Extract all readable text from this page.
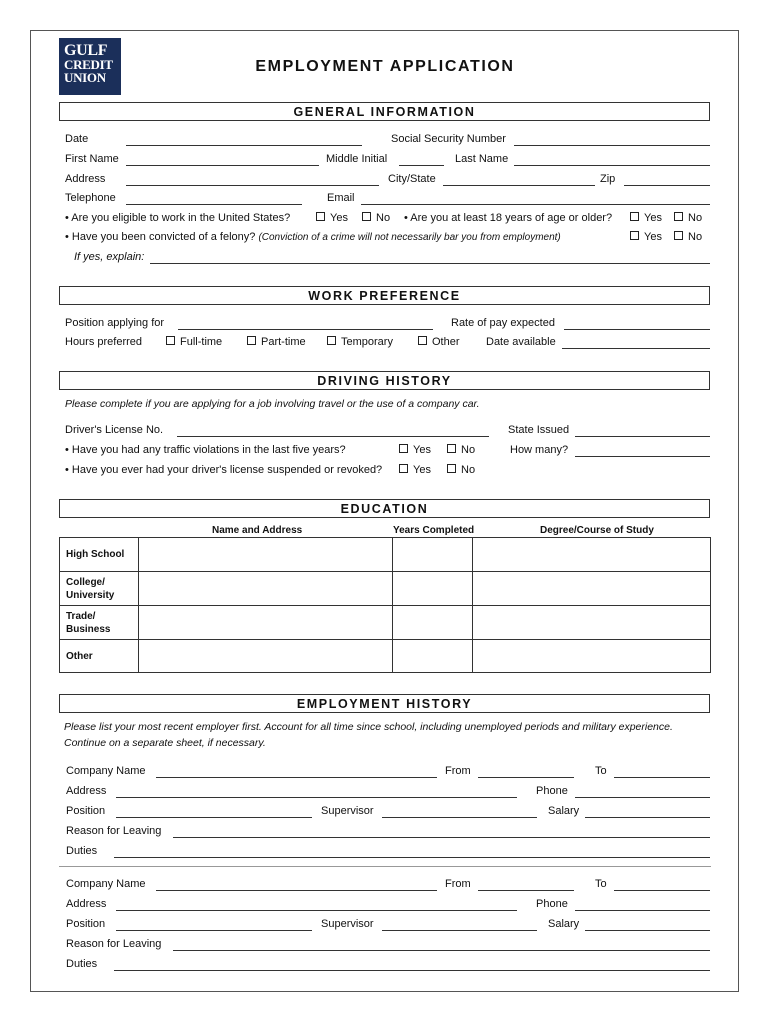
GULF
CREDIT
UNION
EMPLOYMENT APPLICATION
GENERAL INFORMATION
Date	Social Security Number
First Name	Middle Initial	Last Name
Address	City/State	Zip
Telephone	Email
• Are you eligible to work in the United States?	Yes	No • Are you at least 18 years of age or older?	Yes	No
• Have you been convicted of a felony? (Conviction of a crime will not necessarily bar you from employment)	Yes	No
If yes, explain:
WORK PREFERENCE
Position applying for	Rate of pay expected
Hours preferred	Full-time	Part-time	Temporary	Other Date available
DRIVING HISTORY
Please complete if you are applying for a job involving travel or the use of a company car.
Driver's License No.	State Issued
• Have you had any traffic violations in the last five years?	Yes	No	How many?
• Have you ever had your driver's license suspended or revoked?	Yes	No
EDUCATION
Name and Address	Years Completed	Degree/Course of Study
High School			
College/
University			
Trade/
Business			
Other			
EMPLOYMENT HISTORY
Please list your most recent employer first. Account for all time since school, including unemployed periods and military experience.
Continue on a separate sheet, if necessary.
Company Name	From	To
Address	Phone
Position	Supervisor	Salary
Reason for Leaving
Duties
Company Name	From	To
Address	Phone
Position	Supervisor	Salary
Reason for Leaving
Duties
